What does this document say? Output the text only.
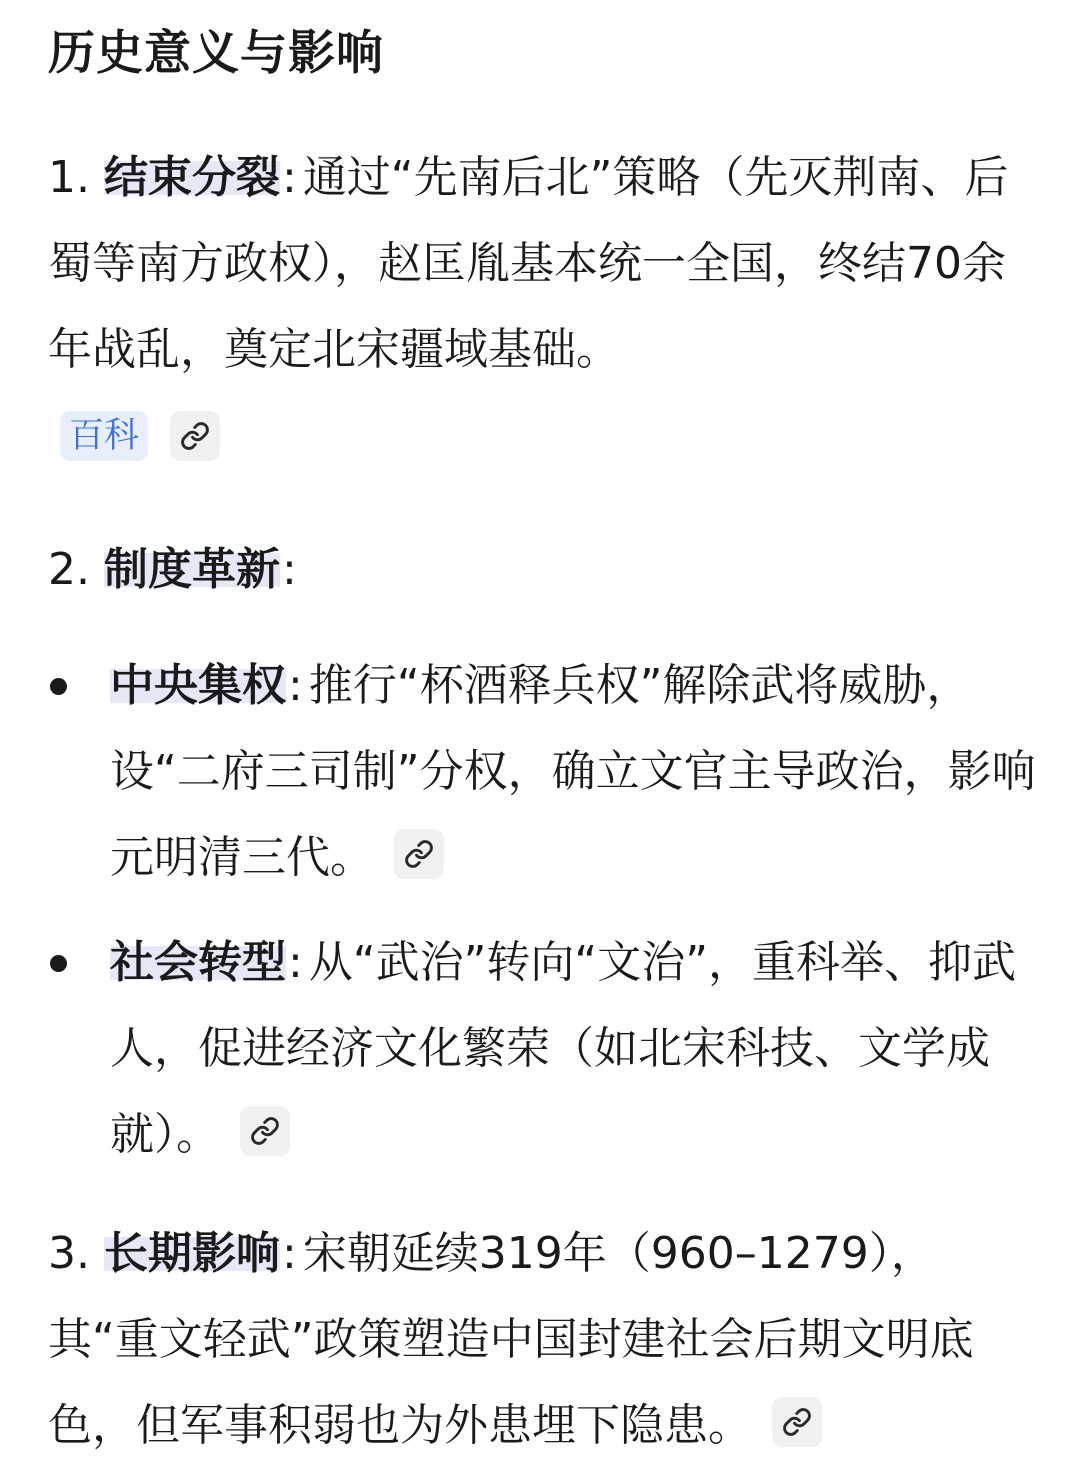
历史意义与影响
1. 结束分裂: 通过“先南后北”策略（先灭荆南、后蜀等南方政权），赵匡胤基本统一全国，终结70余年战乱，奠定北宋疆域基础。
百科
2. 制度革新:
中央集权: 推行“杯酒释兵权”解除武将威胁，设“二府三司制”分权，确立文官主导政治，影响元明清三代。
社会转型: 从“武治”转向“文治”，重科举、抑武人，促进经济文化繁荣（如北宋科技、文学成就）。
3. 长期影响: 宋朝延续319年（960–1279），其“重文轻武”政策塑造中国封建社会后期文明底色，但军事积弱也为外患埋下隐患。
